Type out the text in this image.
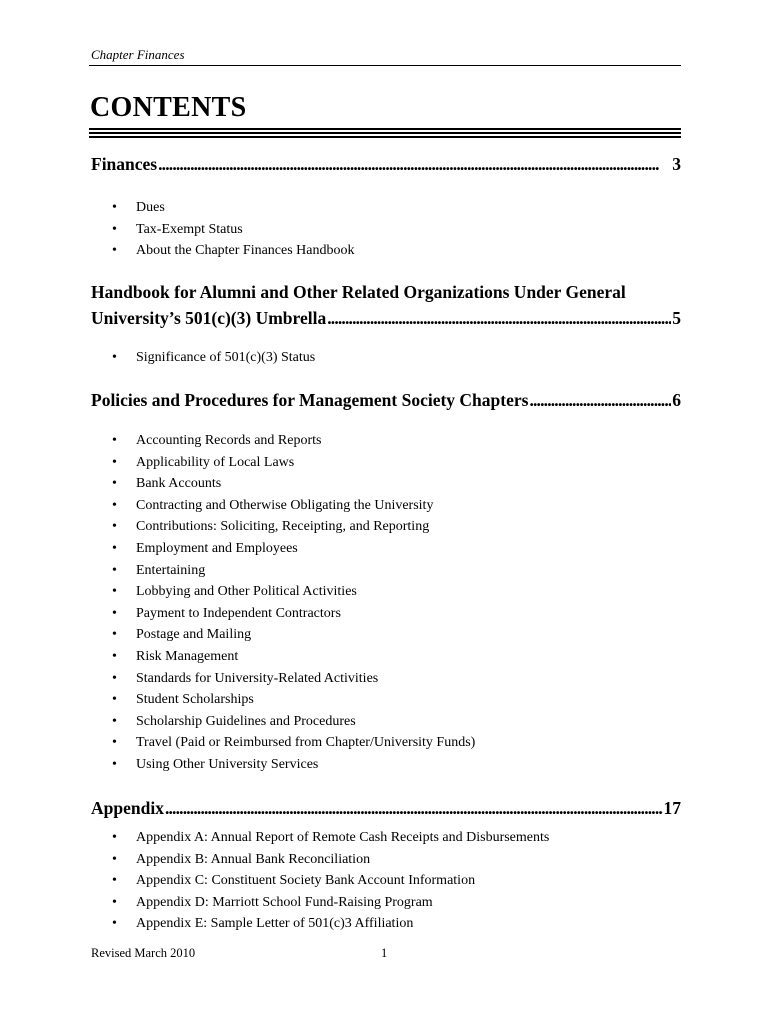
Chapter Finances
CONTENTS
Finances . . .	3
• Dues
• Tax-Exempt Status
• About the Chapter Finances Handbook
Handbook for Alumni and Other Related Organizations Under General
University’s 501(c)(3) Umbrella . . .	5
• Significance of 501(c)(3) Status
Policies and Procedures for Management Society Chapters . . .	6
• Accounting Records and Reports
• Applicability of Local Laws
• Bank Accounts
• Contracting and Otherwise Obligating the University
• Contributions: Soliciting, Receipting, and Reporting
• Employment and Employees
• Entertaining
• Lobbying and Other Political Activities
• Payment to Independent Contractors
• Postage and Mailing
• Risk Management
• Standards for University-Related Activities
• Student Scholarships
• Scholarship Guidelines and Procedures
• Travel (Paid or Reimbursed from Chapter/University Funds)
• Using Other University Services
Appendix . . .	17
• Appendix A: Annual Report of Remote Cash Receipts and Disbursements
• Appendix B: Annual Bank Reconciliation
• Appendix C: Constituent Society Bank Account Information
• Appendix D: Marriott School Fund-Raising Program
• Appendix E: Sample Letter of 501(c)3 Affiliation
Revised March 2010	1
